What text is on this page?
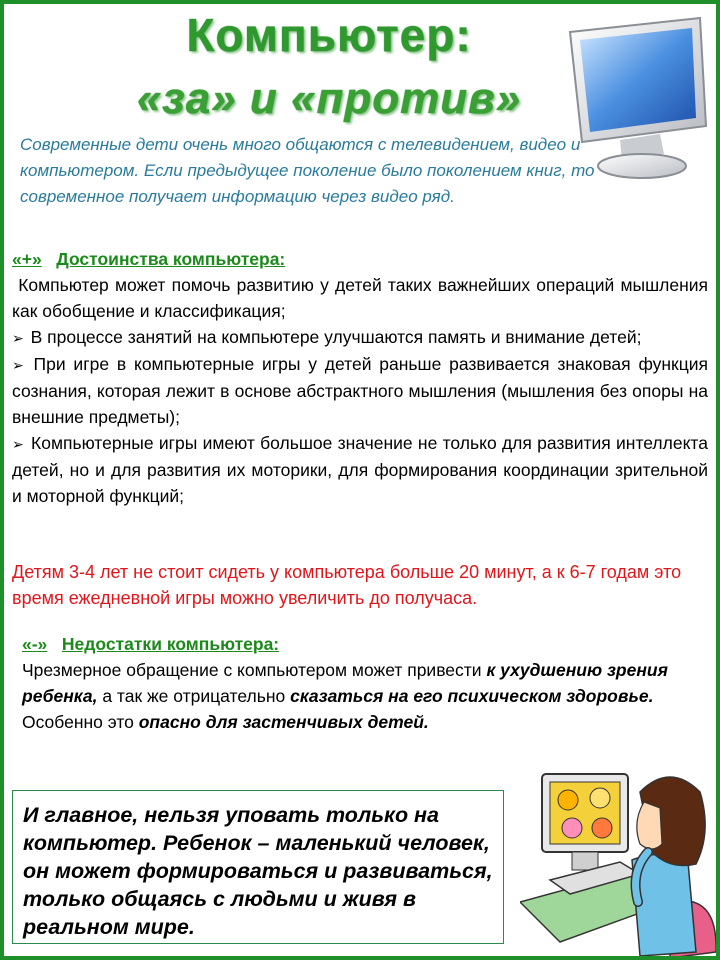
Компьютер:
«за» и «против»
Современные дети очень много общаются с телевидением, видео и компьютером. Если предыдущее поколение было поколением книг, то современное получает информацию через видео ряд.
«+» Достоинства компьютера:
Компьютер может помочь развитию у детей таких важнейших операций мышления как обобщение и классификация;
➢ В процессе занятий на компьютере улучшаются память и внимание детей;
➢ При игре в компьютерные игры у детей раньше развивается знаковая функция сознания, которая лежит в основе абстрактного мышления (мышления без опоры на внешние предметы);
➢ Компьютерные игры имеют большое значение не только для развития интеллекта детей, но и для развития их моторики, для формирования координации зрительной и моторной функций;
Детям 3-4 лет не стоит сидеть у компьютера больше 20 минут, а к 6-7 годам это время ежедневной игры можно увеличить до получаса.
«-» Недостатки компьютера:
Чрезмерное обращение с компьютером может привести к ухудшению зрения ребенка, а так же отрицательно сказаться на его психическом здоровье. Особенно это опасно для застенчивых детей.
И главное, нельзя уповать только на компьютер. Ребенок – маленький человек, он может формироваться и развиваться, только общаясь с людьми и живя в реальном мире.
